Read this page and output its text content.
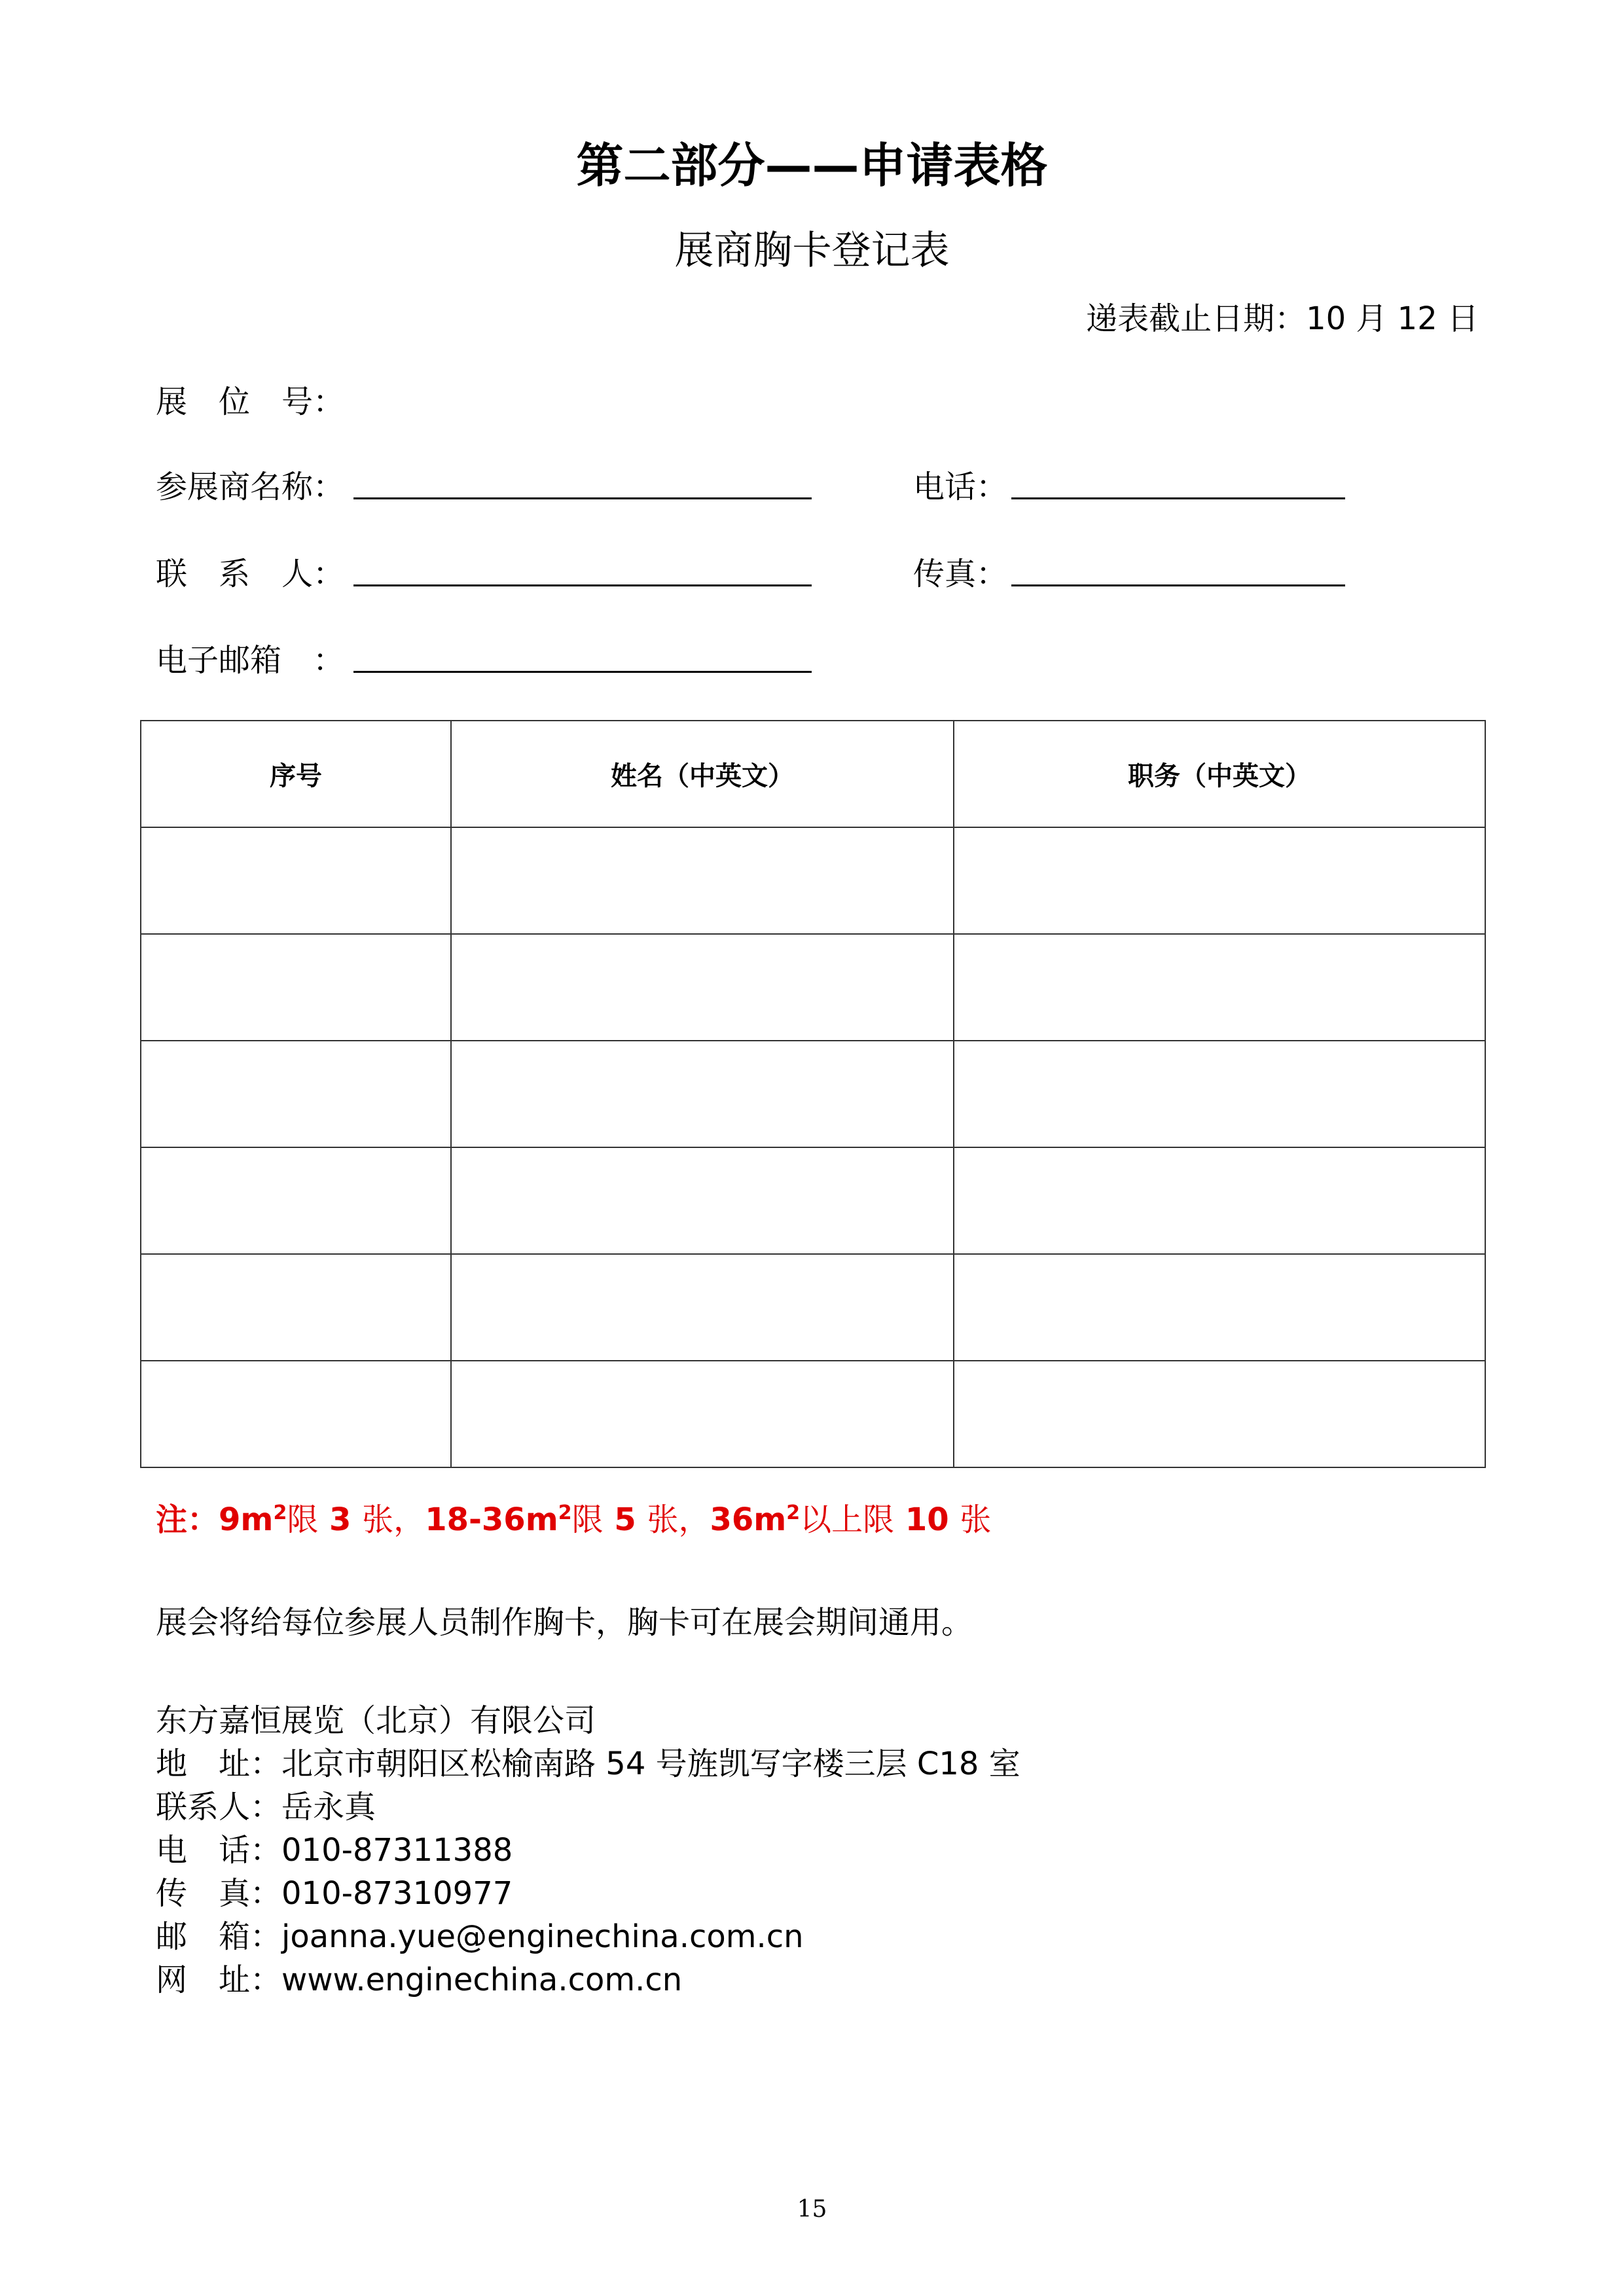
第二部分——申请表格
展商胸卡登记表
递表截止日期：10 月 12 日
展　位　号：
参展商名称：	电话：
联　系　人：	传真：
电子邮箱　：
序号	姓名（中英文）	职务（中英文）

注：$9m^2$限 3 张，$18-36m^2$限 5 张，$36m^2$以上限 10 张
展会将给每位参展人员制作胸卡，胸卡可在展会期间通用。
东方嘉恒展览（北京）有限公司
地　址：北京市朝阳区松榆南路 54 号旌凯写字楼三层 C18 室
联系人：岳永真
电　话：010-87311388
传　真：010-87310977
邮　箱：joanna.yue@enginechina.com.cn
网　址：www.enginechina.com.cn
15
